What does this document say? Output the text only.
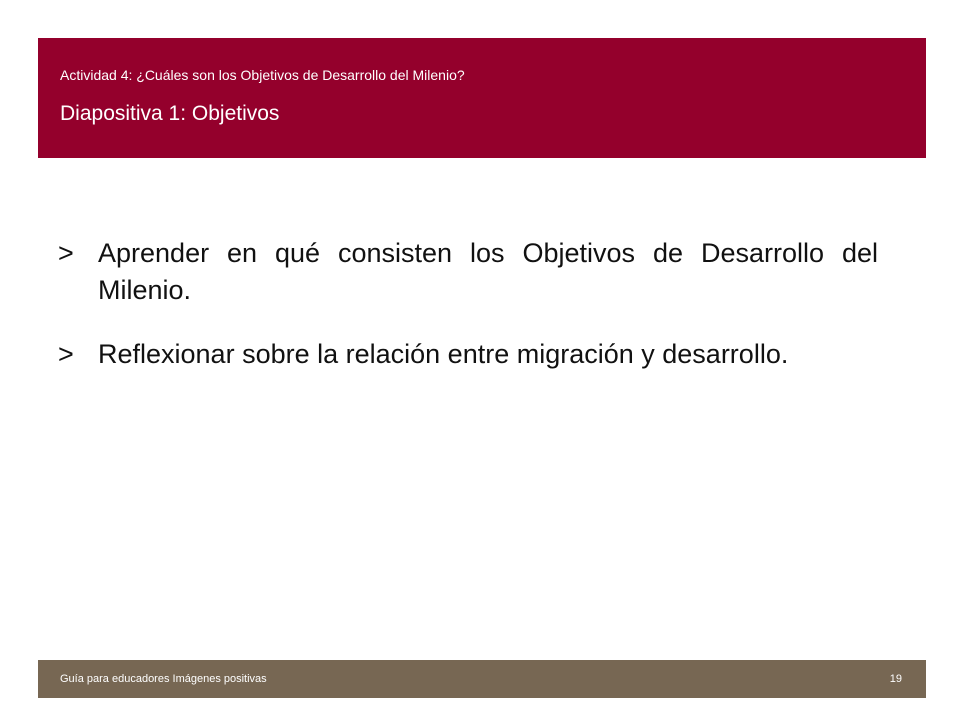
Actividad 4: ¿Cuáles son los Objetivos de Desarrollo del Milenio?
Diapositiva 1: Objetivos
> Aprender en qué consisten los Objetivos de Desarrollo del Milenio.
> Reflexionar sobre la relación entre migración y desarrollo.
Guía para educadores Imágenes positivas	19
